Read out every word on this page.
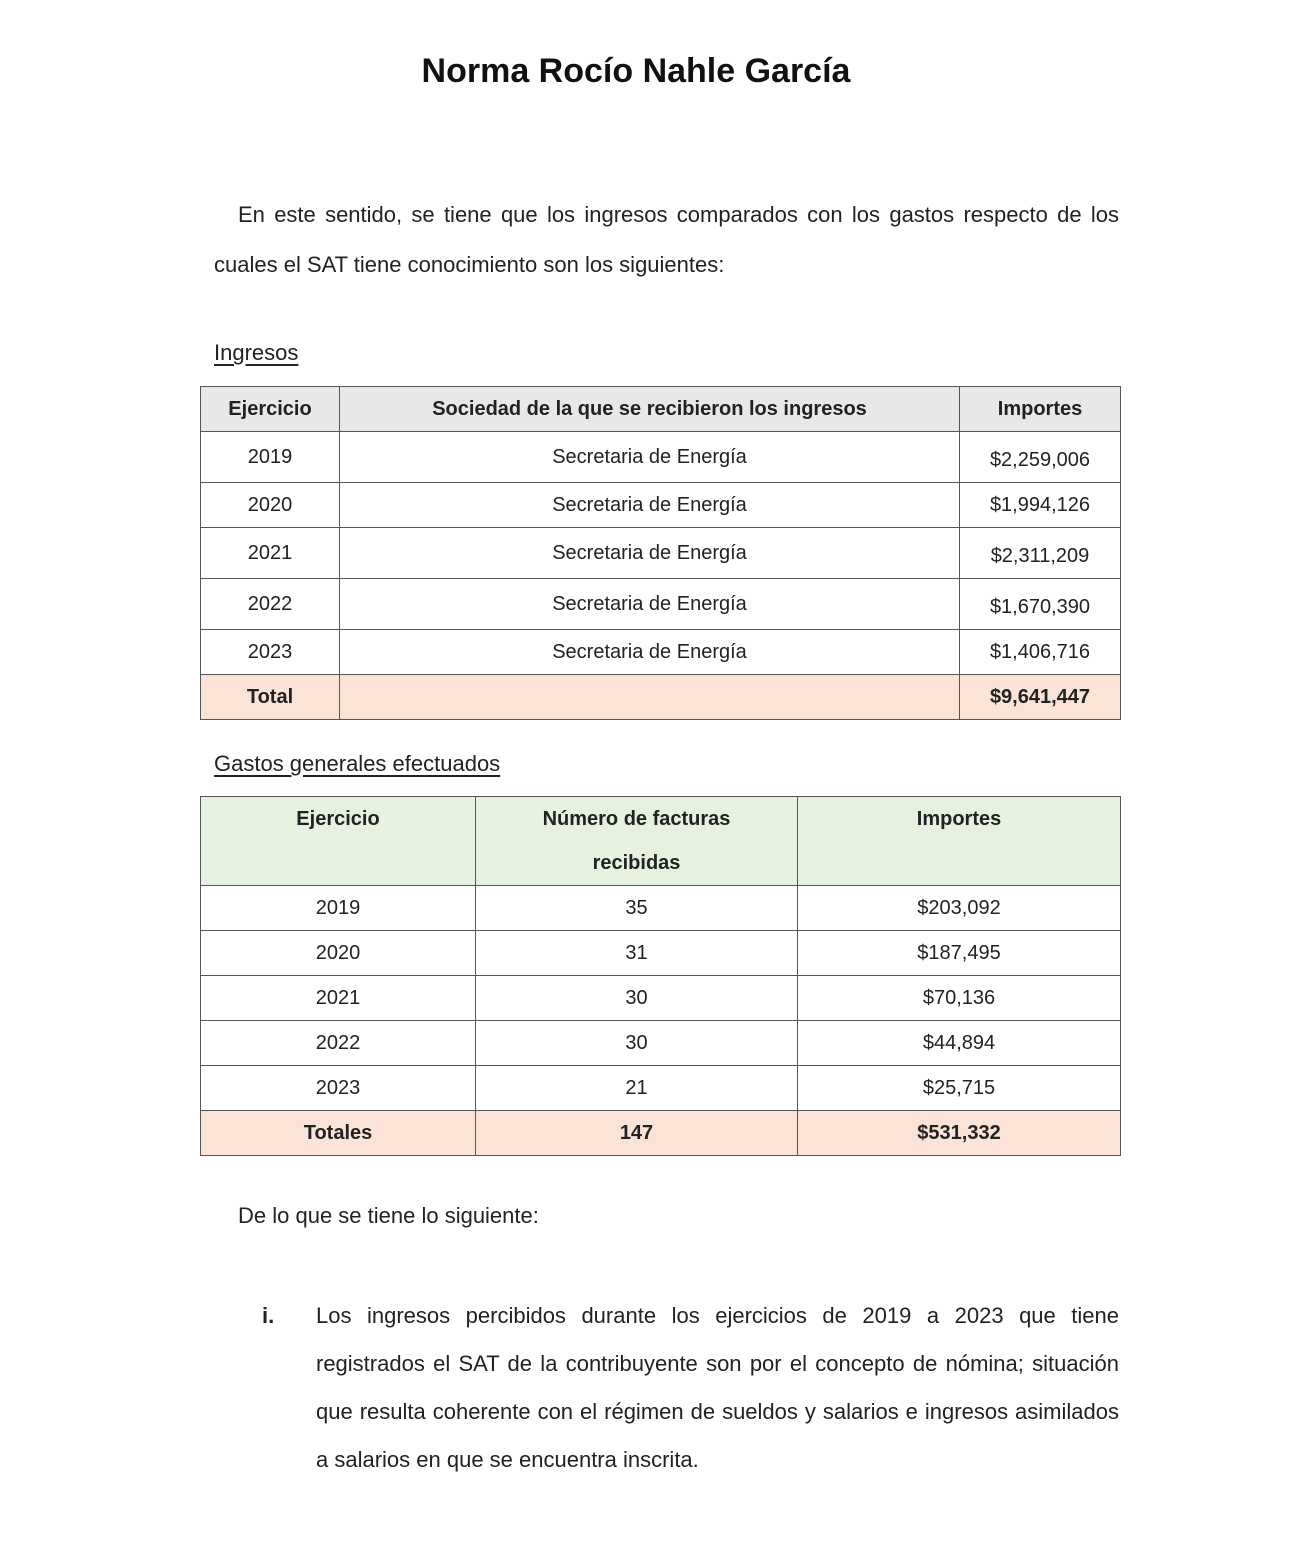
Norma Rocío Nahle García

En este sentido, se tiene que los ingresos comparados con los gastos respecto de los cuales el SAT tiene conocimiento son los siguientes:

Ingresos

Ejercicio	Sociedad de la que se recibieron los ingresos	Importes
2019	Secretaria de Energía	$2,259,006
2020	Secretaria de Energía	$1,994,126
2021	Secretaria de Energía	$2,311,209
2022	Secretaria de Energía	$1,670,390
2023	Secretaria de Energía	$1,406,716
Total		$9,641,447

Gastos generales efectuados

Ejercicio	Número de facturas recibidas	Importes
2019	35	$203,092
2020	31	$187,495
2021	30	$70,136
2022	30	$44,894
2023	21	$25,715
Totales	147	$531,332

De lo que se tiene lo siguiente:

i. Los ingresos percibidos durante los ejercicios de 2019 a 2023 que tiene registrados el SAT de la contribuyente son por el concepto de nómina; situación que resulta coherente con el régimen de sueldos y salarios e ingresos asimilados a salarios en que se encuentra inscrita.
